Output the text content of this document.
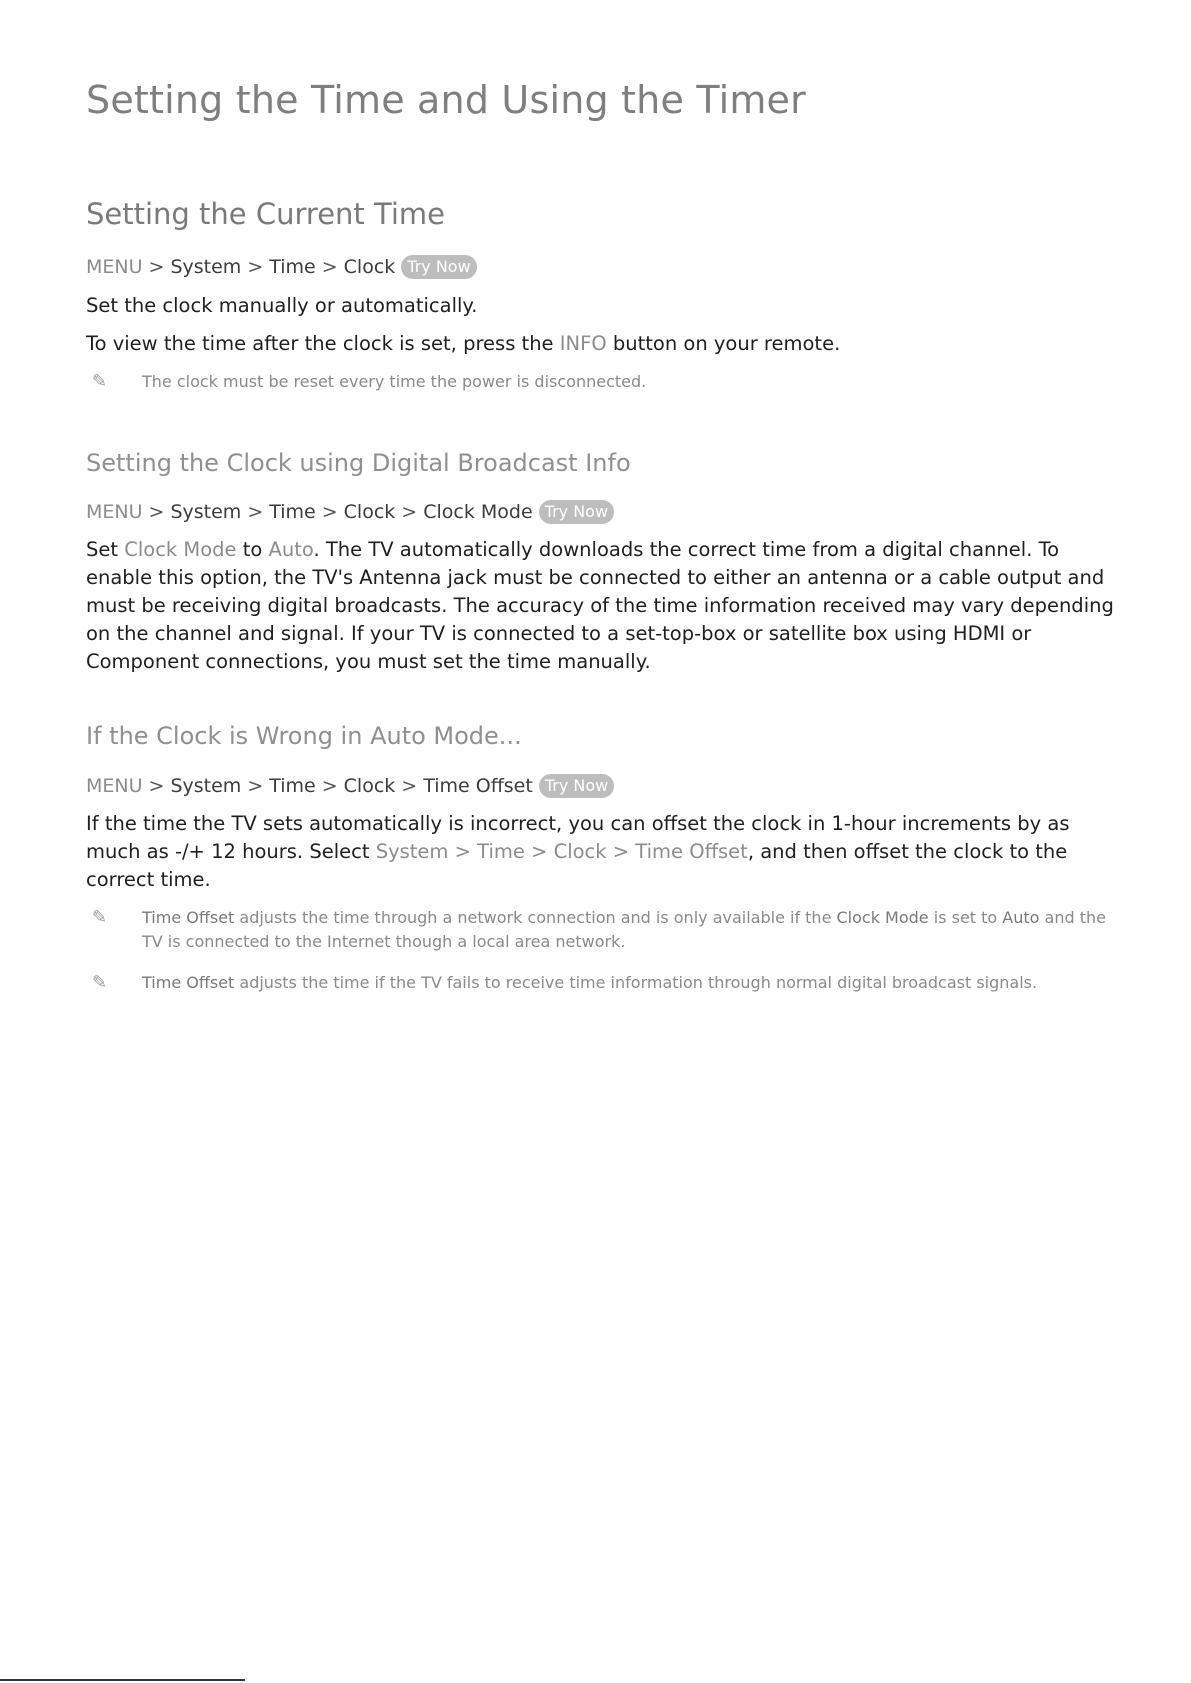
Setting the Time and Using the Timer
Setting the Current Time
MENU > System > Time > Clock Try Now

Set the clock manually or automatically.

To view the time after the clock is set, press the INFO button on your remote.

✎	The clock must be reset every time the power is disconnected.
Setting the Clock using Digital Broadcast Info
MENU > System > Time > Clock > Clock Mode Try Now

Set Clock Mode to Auto. The TV automatically downloads the correct time from a digital channel. To enable this option, the TV's Antenna jack must be connected to either an antenna or a cable output and must be receiving digital broadcasts. The accuracy of the time information received may vary depending on the channel and signal. If your TV is connected to a set-top-box or satellite box using HDMI or Component connections, you must set the time manually.

If the Clock is Wrong in Auto Mode...
MENU > System > Time > Clock > Time Offset Try Now

If the time the TV sets automatically is incorrect, you can offset the clock in 1-hour increments by as much as -/+ 12 hours. Select System > Time > Clock > Time Offset, and then offset the clock to the correct time.

✎	Time Offset adjusts the time through a network connection and is only available if the Clock Mode is set to Auto and the TV is connected to the Internet though a local area network.
✎	Time Offset adjusts the time if the TV fails to receive time information through normal digital broadcast signals.
